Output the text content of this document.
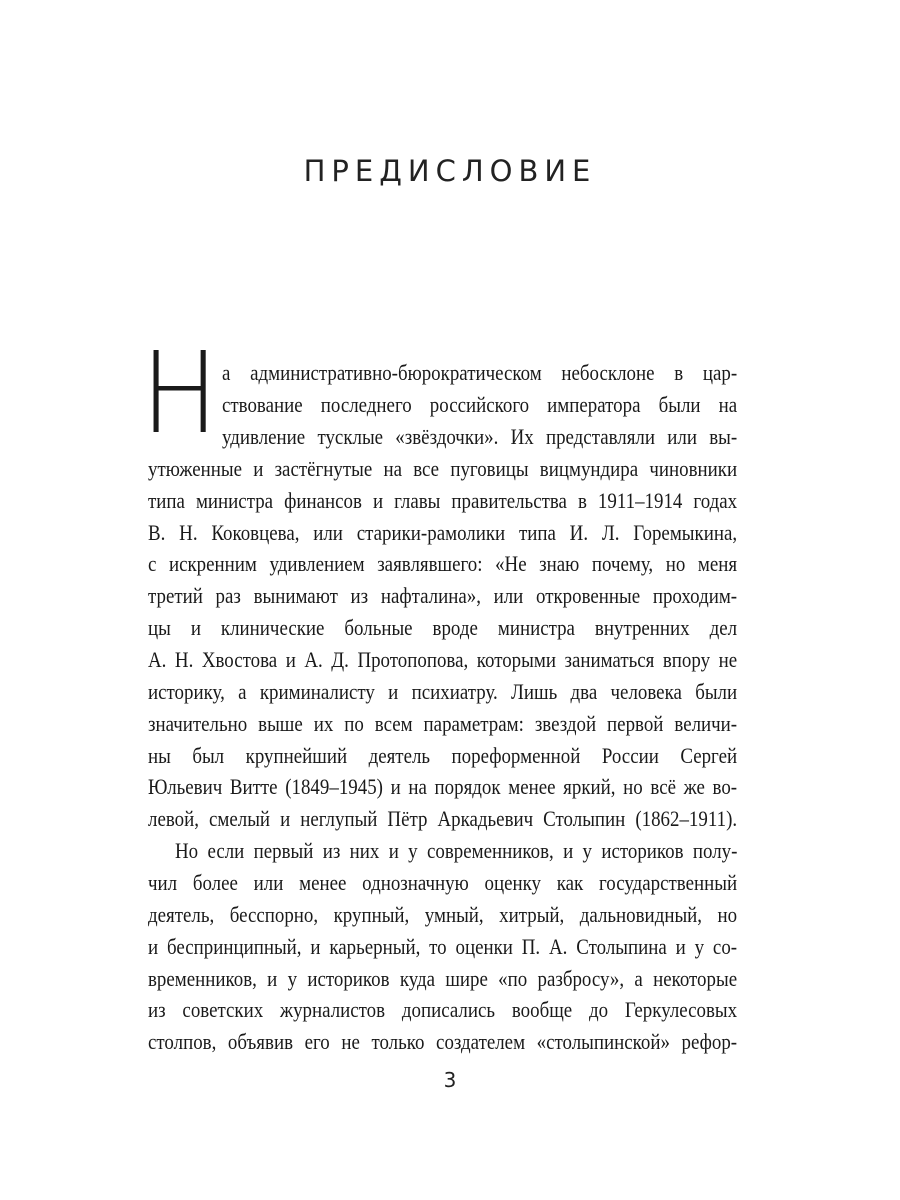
ПРЕДИСЛОВИЕ
Н а административно-бюрократическом небосклоне в цар-
ствование последнего российского императора были на
удивление тусклые «звёздочки». Их представляли или вы-
утюженные и застёгнутые на все пуговицы вицмундира чиновники
типа министра финансов и главы правительства в 1911–1914 годах
В. Н. Коковцева, или старики-рамолики типа И. Л. Горемыкина,
с искренним удивлением заявлявшего: «Не знаю почему, но меня
третий раз вынимают из нафталина», или откровенные проходим-
цы и клинические больные вроде министра внутренних дел
А. Н. Хвостова и А. Д. Протопопова, которыми заниматься впору не
историку, а криминалисту и психиатру. Лишь два человека были
значительно выше их по всем параметрам: звездой первой величи-
ны был крупнейший деятель пореформенной России Сергей
Юльевич Витте (1849–1945) и на порядок менее яркий, но всё же во-
левой, смелый и неглупый Пётр Аркадьевич Столыпин (1862–1911).
Но если первый из них и у современников, и у историков полу-
чил более или менее однозначную оценку как государственный
деятель, бесспорно, крупный, умный, хитрый, дальновидный, но
и беспринципный, и карьерный, то оценки П. А. Столыпина и у со-
временников, и у историков куда шире «по разбросу», а некоторые
из советских журналистов дописались вообще до Геркулесовых
столпов, объявив его не только создателем «столыпинской» рефор-
3
